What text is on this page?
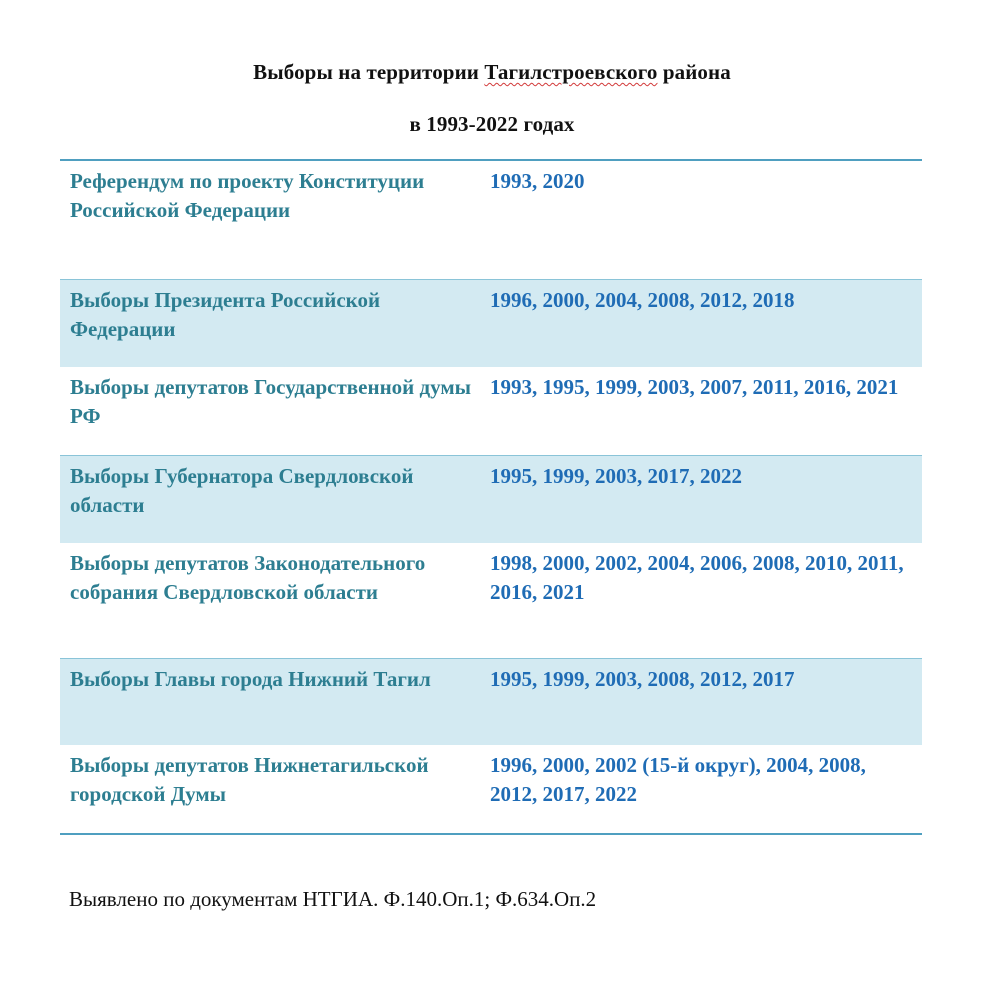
Выборы на территории Тагилстроевского района
в 1993-2022 годах
Референдум по проекту Конституции Российской Федерации
1993, 2020
Выборы Президента Российской Федерации
1996, 2000, 2004, 2008, 2012, 2018
Выборы депутатов Государственной думы РФ
1993, 1995, 1999, 2003, 2007, 2011, 2016, 2021
Выборы Губернатора Свердловской области
1995, 1999, 2003, 2017, 2022
Выборы депутатов Законодательного собрания Свердловской области
1998, 2000, 2002, 2004, 2006, 2008, 2010, 2011, 2016, 2021
Выборы Главы города Нижний Тагил	1995, 1999, 2003, 2008, 2012, 2017
Выборы депутатов Нижнетагильской городской Думы
1996, 2000, 2002 (15-й округ), 2004, 2008, 2012, 2017, 2022
Выявлено по документам НТГИА. Ф.140.Оп.1; Ф.634.Оп.2
